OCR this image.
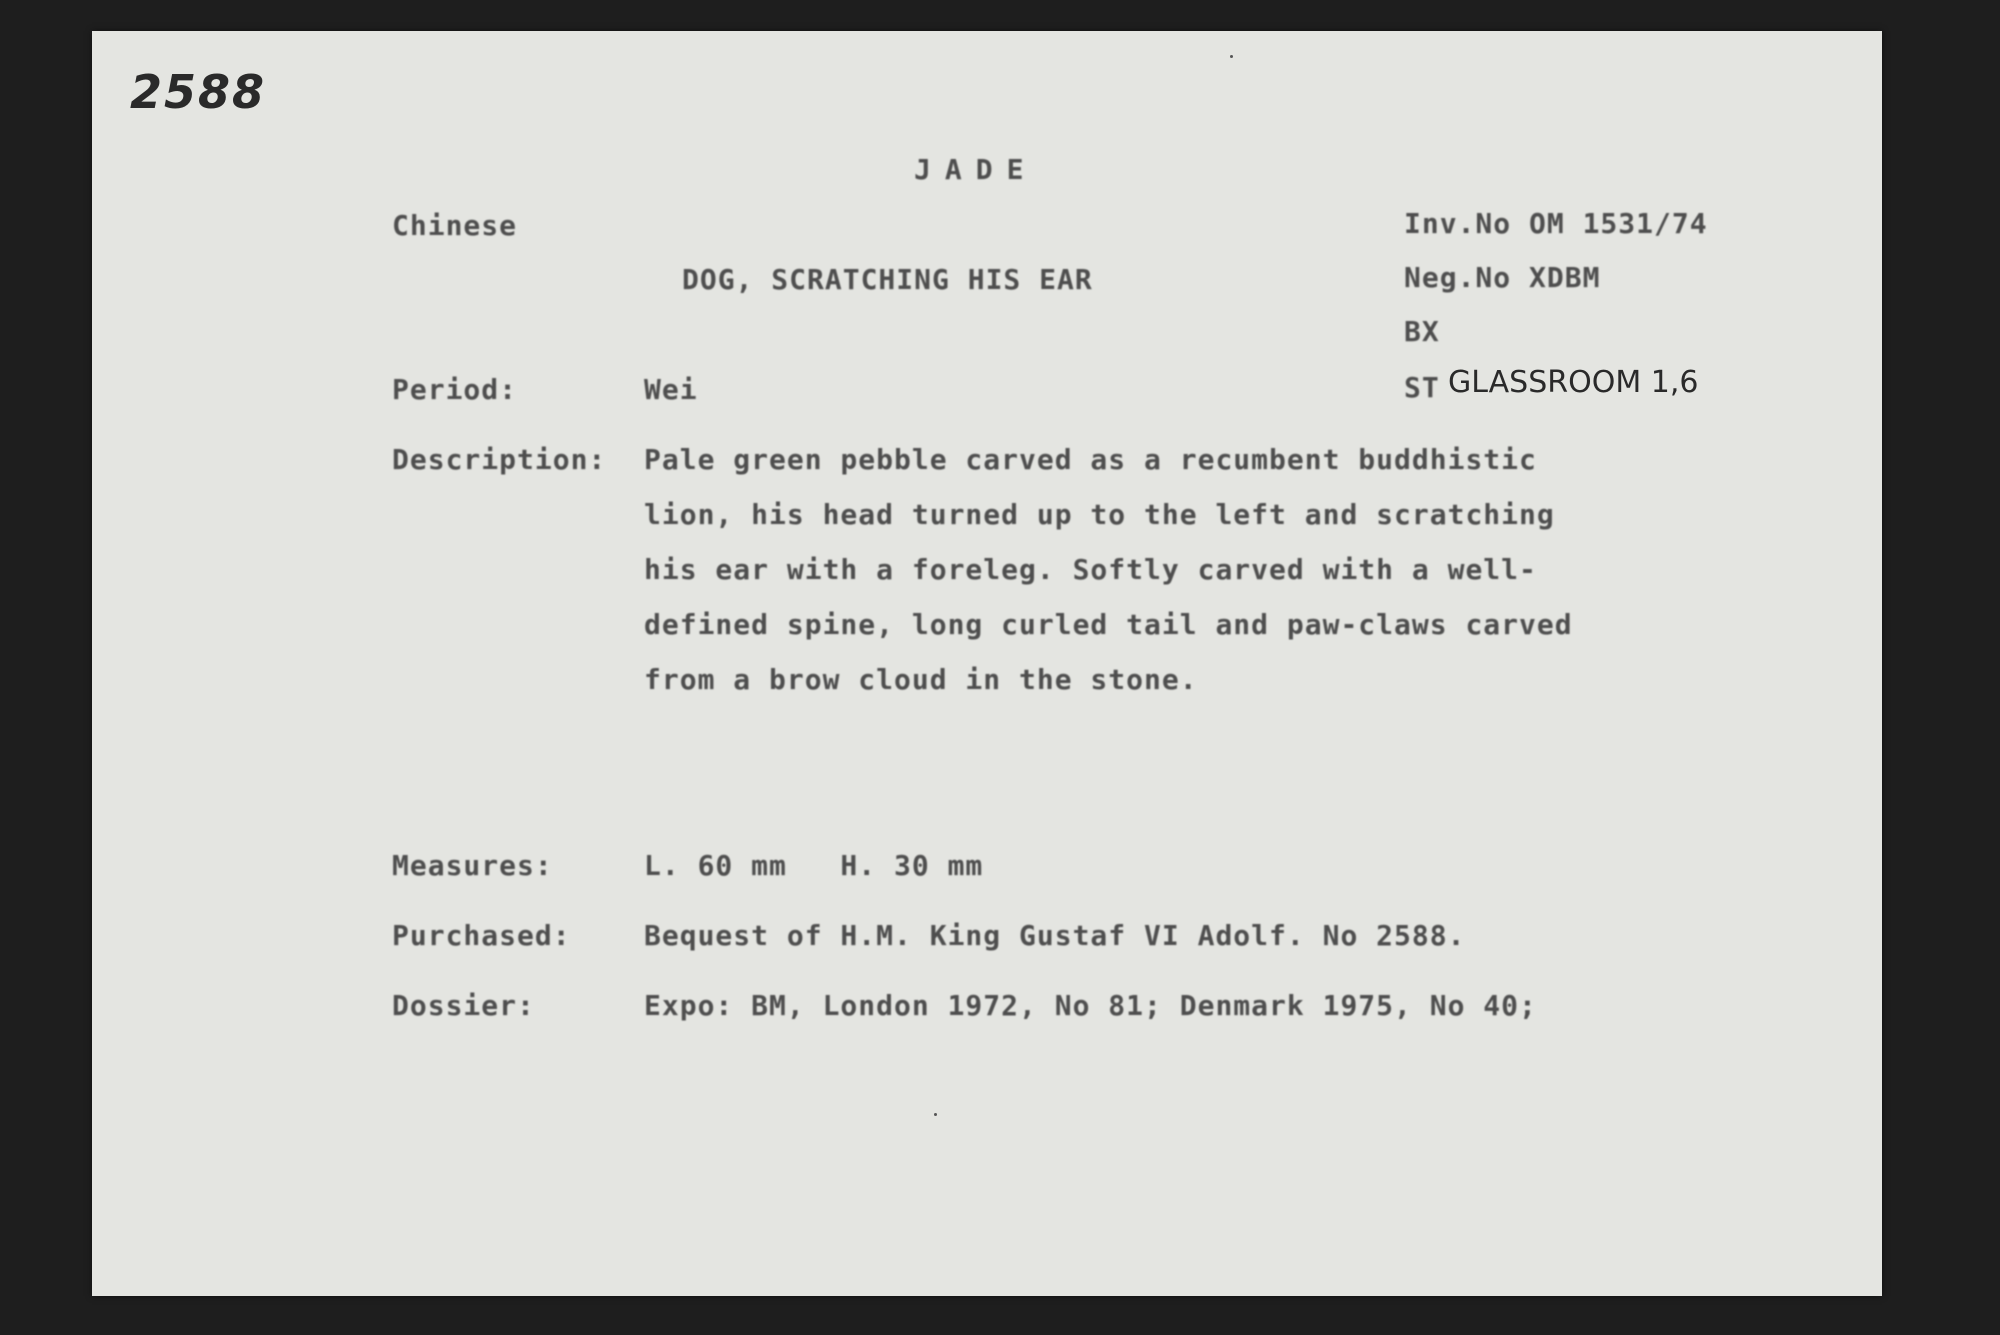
2588
JADE
Chinese
DOG, SCRATCHING HIS EAR
Inv.No OM 1531/74
Neg.No XDBM
BX
ST GLASSROOM 1,6
Period:	Wei
Description: Pale green pebble carved as a recumbent buddhistic
lion, his head turned up to the left and scratching
his ear with a foreleg. Softly carved with a well-
defined spine, long curled tail and paw-claws carved
from a brow cloud in the stone.
Measures:	L. 60 mm   H. 30 mm
Purchased:	Bequest of H.M. King Gustaf VI Adolf. No 2588.
Dossier:	Expo: BM, London 1972, No 81; Denmark 1975, No 40;
